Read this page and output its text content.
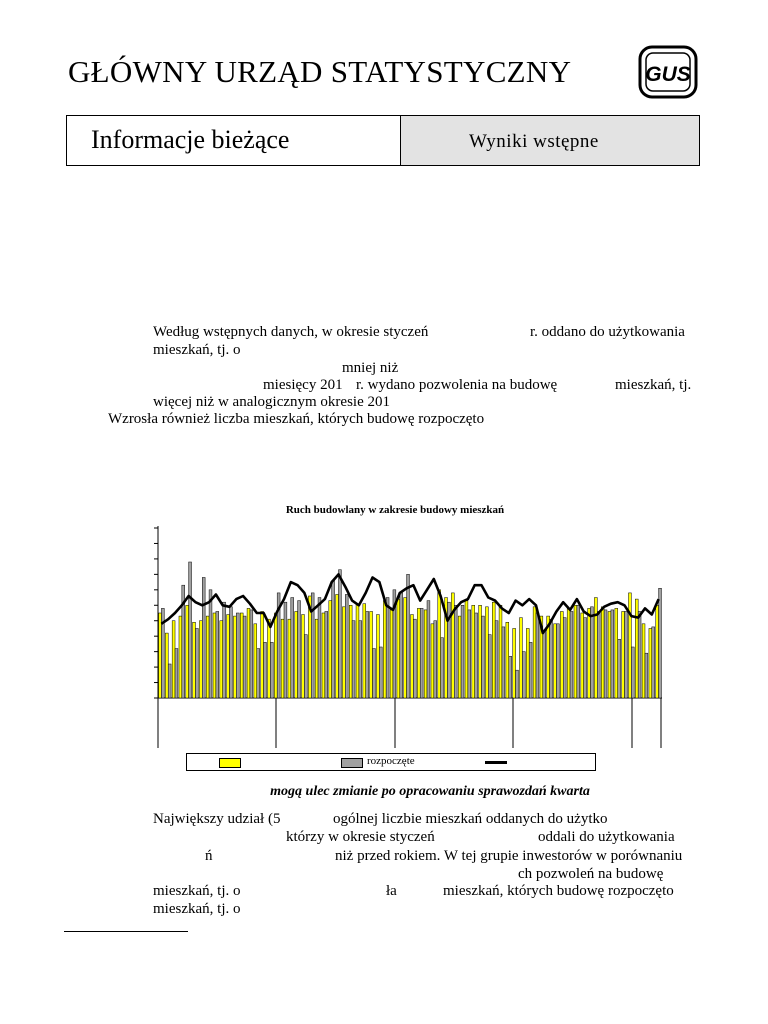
GŁÓWNY URZĄD STATYSTYCZNY	GUS
Informacje bieżące	Wyniki wstępne
Według wstępnych danych, w okresie styczeń	r. oddano do użytkowania
mieszkań, tj. o
mniej niż
miesięcy 201 r. wydano pozwolenia na budowę	mieszkań, tj.
więcej niż w analogicznym okresie 201
Wzrosła również liczba mieszkań, których budowę rozpoczęto
Ruch budowlany w zakresie budowy mieszkań
rozpoczęte
mogą ulec zmianie po opracowaniu sprawozdań kwarta
Największy udział (5	ogólnej liczbie mieszkań oddanych do użytko
którzy w okresie styczeń	oddali do użytkowania
ń	niż przed rokiem. W tej grupie inwestorów w porównaniu
ch pozwoleń na budowę
mieszkań, tj. o	ła	mieszkań, których budowę rozpoczęto
mieszkań, tj. o
